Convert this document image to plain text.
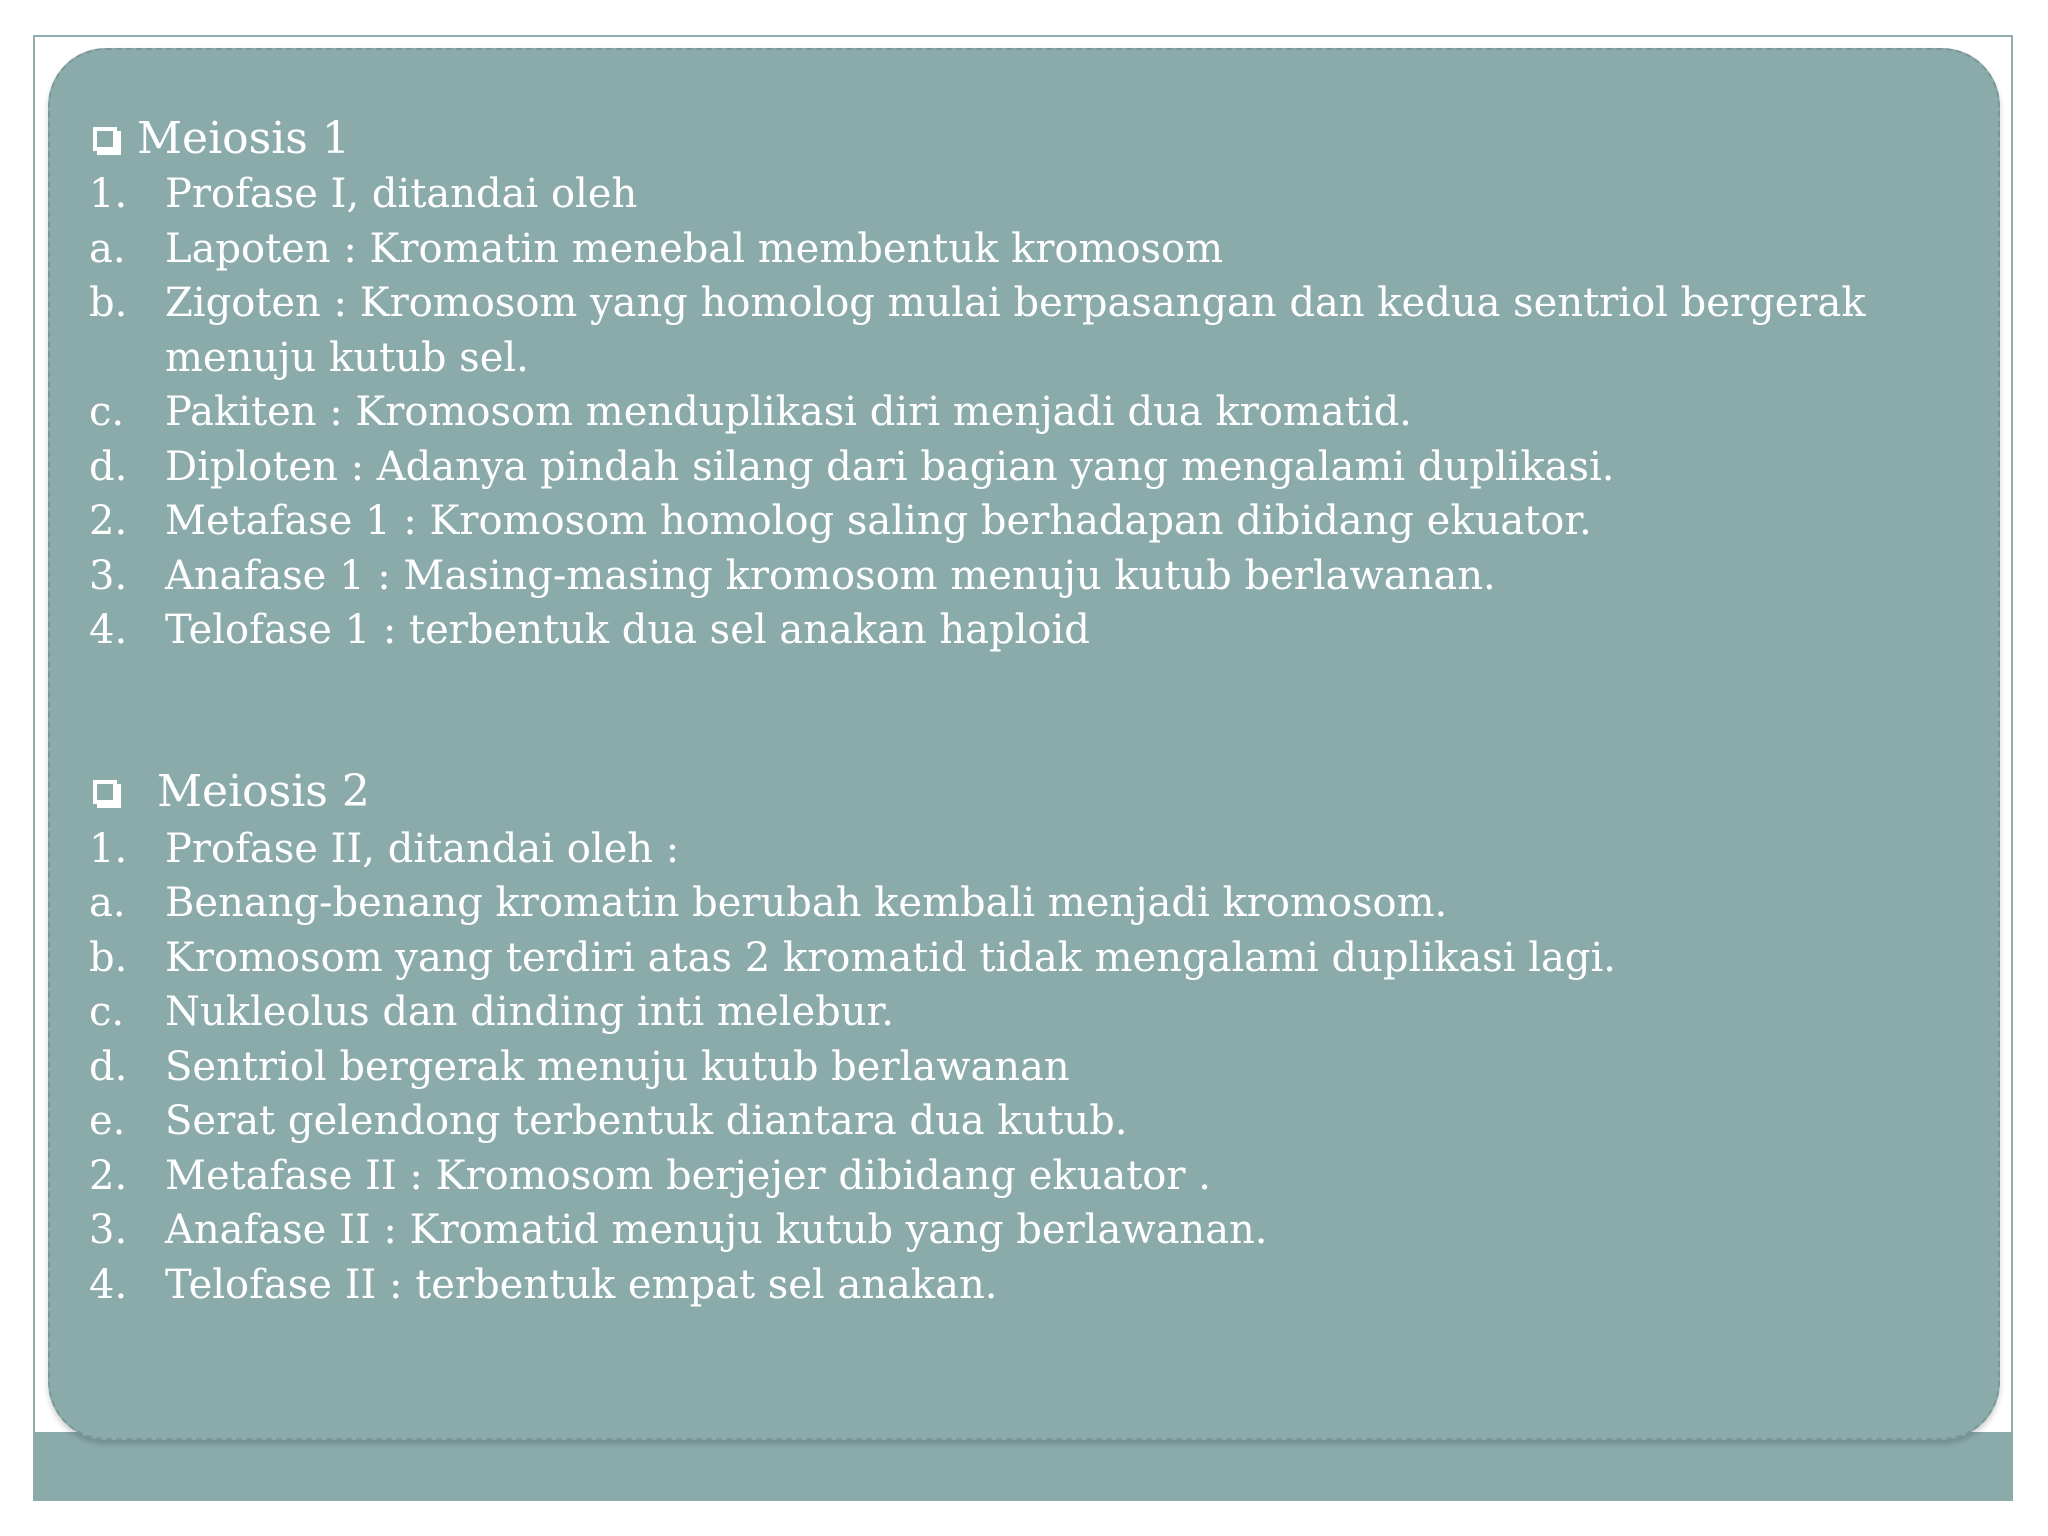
Meiosis 1
1. Profase I, ditandai oleh
a. Lapoten : Kromatin menebal membentuk kromosom
b. Zigoten : Kromosom yang homolog mulai berpasangan dan kedua sentriol bergerak menuju kutub sel.
c.	Pakiten : Kromosom menduplikasi diri menjadi dua kromatid.
d. Diploten : Adanya pindah silang dari bagian yang mengalami duplikasi.
2. Metafase 1 : Kromosom homolog saling berhadapan dibidang ekuator.
3. Anafase 1 : Masing-masing kromosom menuju kutub berlawanan.
4. Telofase 1 : terbentuk dua sel anakan haploid
Meiosis 2
1. Profase II, ditandai oleh :
a. Benang-benang kromatin berubah kembali menjadi kromosom.
b. Kromosom yang terdiri atas 2 kromatid tidak mengalami duplikasi lagi.
c.	Nukleolus dan dinding inti melebur.
d. Sentriol bergerak menuju kutub berlawanan
e. Serat gelendong terbentuk diantara dua kutub.
2. Metafase II : Kromosom berjejer dibidang ekuator .
3. Anafase II : Kromatid menuju kutub yang berlawanan.
4. Telofase II : terbentuk empat sel anakan.
